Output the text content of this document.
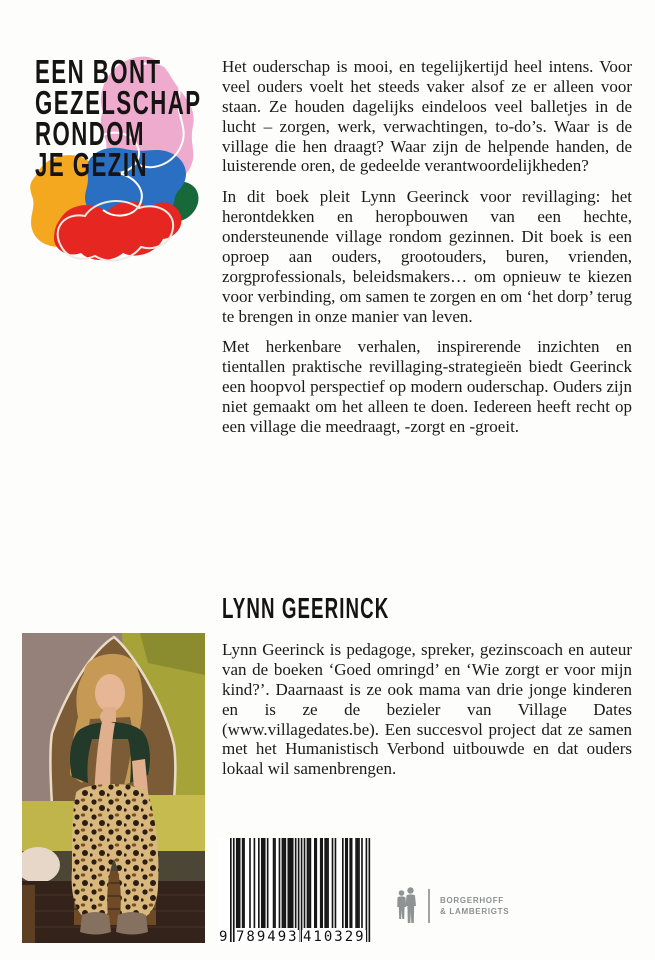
EEN BONT
GEZELSCHAP
RONDOM
JE GEZIN

Het ouderschap is mooi, en tegelijkertijd heel intens. Voor veel ouders voelt het steeds vaker alsof ze er alleen voor staan. Ze houden dagelijks eindeloos veel balletjes in de lucht – zorgen, werk, verwachtingen, to-do’s. Waar is de village die hen draagt? Waar zijn de helpende handen, de luisterende oren, de gedeelde verantwoordelijkheden?

In dit boek pleit Lynn Geerinck voor revillaging: het herontdekken en heropbouwen van een hechte, ondersteunende village rondom gezinnen. Dit boek is een oproep aan ouders, grootouders, buren, vrienden, zorgprofessionals, beleidsmakers… om opnieuw te kiezen voor verbinding, om samen te zorgen en om ‘het dorp’ terug te brengen in onze manier van leven.

Met herkenbare verhalen, inspirerende inzichten en tientallen praktische revillaging-strategieën biedt Geerinck een hoopvol perspectief op modern ouderschap. Ouders zijn niet gemaakt om het alleen te doen. Iedereen heeft recht op een village die meedraagt, -zorgt en -groeit.

LYNN GEERINCK
Lynn Geerinck is pedagoge, spreker, gezinscoach en auteur van de boeken ‘Goed omringd’ en ‘Wie zorgt er voor mijn kind?’. Daarnaast is ze ook mama van drie jonge kinderen en is ze de bezieler van Village Dates (www.villagedates.be). Een succesvol project dat ze samen met het Humanistisch Verbond uitbouwde en dat ouders lokaal wil samenbrengen.
9 789493 410329
BORGERHOFF
& LAMBERIGTS
